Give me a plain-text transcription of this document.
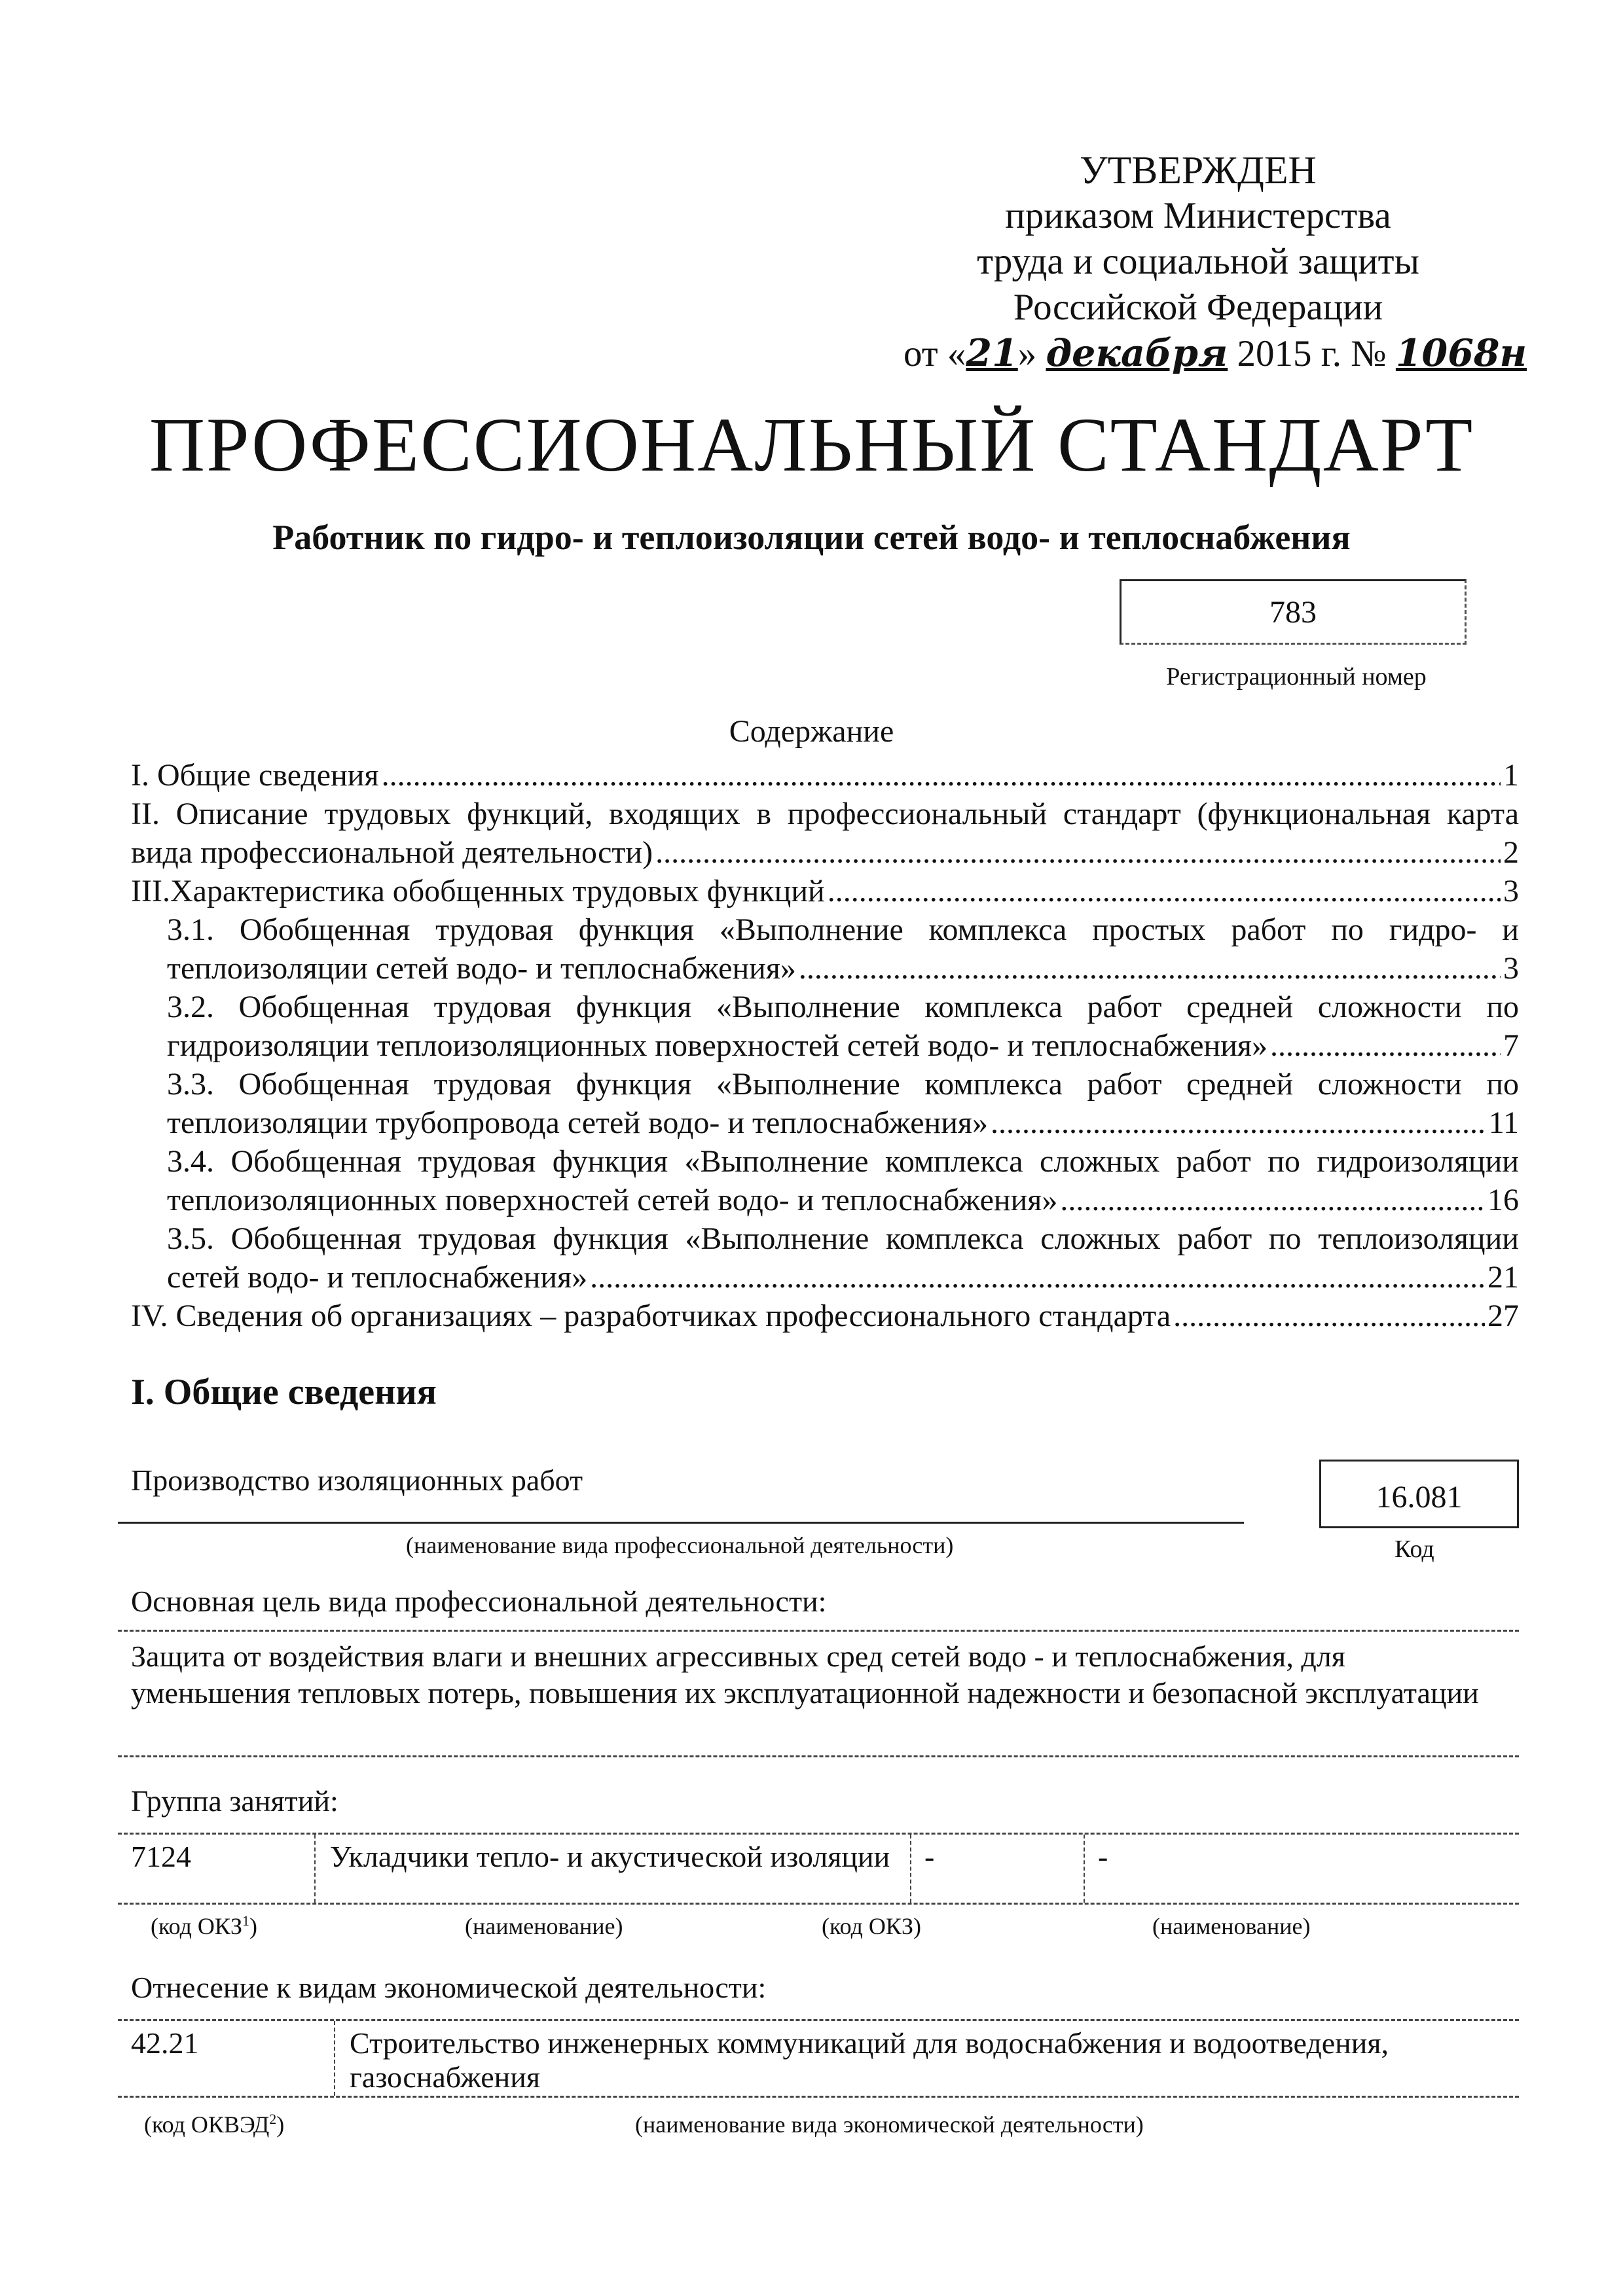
УТВЕРЖДЕН
приказом Министерства
труда и социальной защиты
Российской Федерации
от «21» декабря 2015 г. № 1068н
ПРОФЕССИОНАЛЬНЫЙ СТАНДАРТ
Работник по гидро- и теплоизоляции сетей водо- и теплоснабжения
783
Регистрационный номер
Содержание
I. Общие сведения .....	1
II. Описание трудовых функций, входящих в профессиональный стандарт (функциональная карта
вида профессиональной деятельности) .....	2
III.Характеристика обобщенных трудовых функций .....	3
3.1. Обобщенная трудовая функция «Выполнение комплекса простых работ по гидро- и
теплоизоляции сетей водо- и теплоснабжения» .....	3
3.2. Обобщенная трудовая функция «Выполнение комплекса работ средней сложности по
гидроизоляции теплоизоляционных поверхностей сетей водо- и теплоснабжения» .....	7
3.3. Обобщенная трудовая функция «Выполнение комплекса работ средней сложности по
теплоизоляции трубопровода сетей водо- и теплоснабжения» .....	11
3.4. Обобщенная трудовая функция «Выполнение комплекса сложных работ по гидроизоляции
теплоизоляционных поверхностей сетей водо- и теплоснабжения» .....	16
3.5. Обобщенная трудовая функция «Выполнение комплекса сложных работ по теплоизоляции
сетей водо- и теплоснабжения» .....	21
IV. Сведения об организациях – разработчиках профессионального стандарта .....	27
I. Общие сведения
Производство изоляционных работ
(наименование вида профессиональной деятельности)
16.081
Код
Основная цель вида профессиональной деятельности:
Защита от воздействия влаги и внешних агрессивных сред сетей водо - и теплоснабжения, для уменьшения тепловых потерь, повышения их эксплуатационной надежности и безопасной эксплуатации
Группа занятий:
7124	Укладчики тепло- и акустической изоляции	-	-
(код ОКЗ$^1$)	(наименование)	(код ОКЗ)	(наименование)
Отнесение к видам экономической деятельности:
42.21	Строительство инженерных коммуникаций для водоснабжения и водоотведения, газоснабжения
(код ОКВЭД$^2$)	(наименование вида экономической деятельности)
